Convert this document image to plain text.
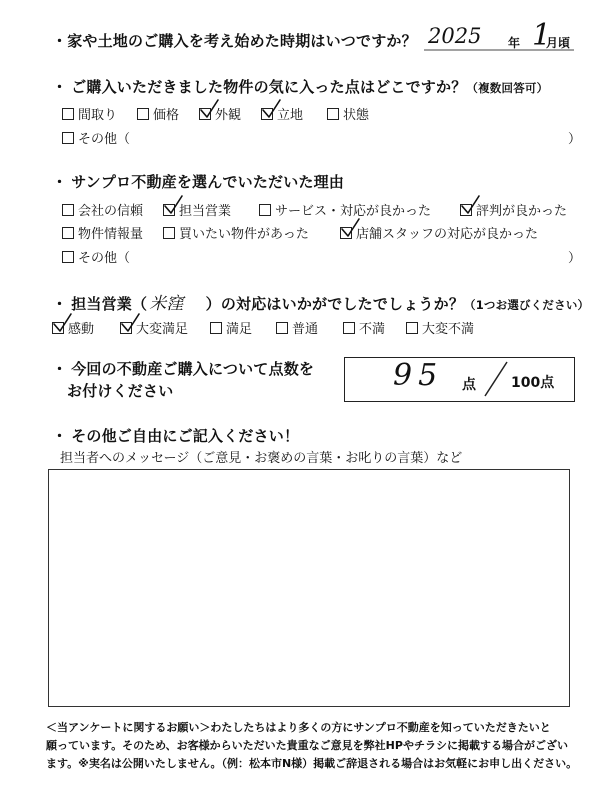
・家や土地のご購入を考え始めた時期はいつですか？ 2025 年 1
月頃
・ ご購入いただきました物件の気に入った点はどこですか？（複数回答可）
間取り	価格	外観	立地	状態
その他（	）
・ サンプロ不動産を選んでいただいた理由
会社の信頼	担当営業	サービス・対応が良かった	評判が良かった
物件情報量	買いたい物件があった	店舗スタッフの対応が良かった
その他（	）
・ 担当営業（ 米窪 ）の対応はいかがでしたでしょうか？（1つお選びください）
感動	大変満足	満足	普通	不満	大変不満
・ 今回の不動産ご購入について点数を
お付けください	95 点	100点
・ その他ご自由にご記入ください！
担当者へのメッセージ（ご意見・お褒めの言葉・お叱りの言葉）など
＜当アンケートに関するお願い＞わたしたちはより多くの方にサンプロ不動産を知っていただきたいと
願っています。そのため、お客様からいただいた貴重なご意見を弊社HPやチラシに掲載する場合がござい
ます。※実名は公開いたしません。（例：松本市N様）掲載ご辞退される場合はお気軽にお申し出ください。
